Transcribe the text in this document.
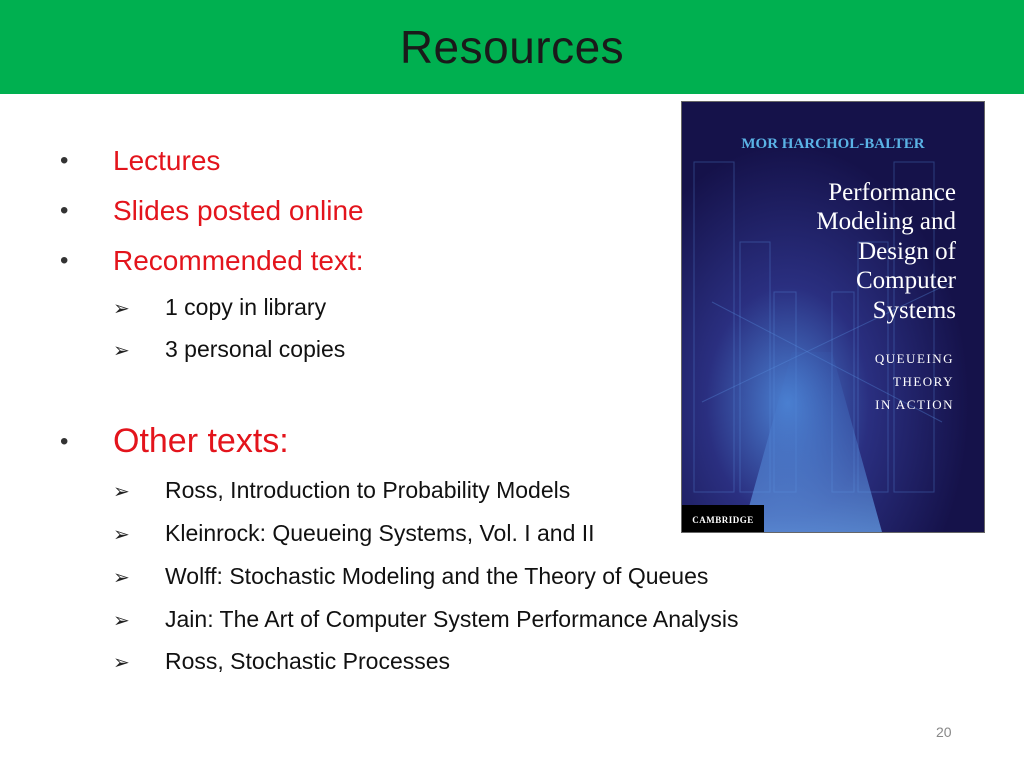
Resources
• Lectures
• Slides posted online
• Recommended text:
➢ 1 copy in library
➢ 3 personal copies
• Other texts:
➢ Ross, Introduction to Probability Models
➢ Kleinrock: Queueing Systems, Vol. I and II
➢ Wolff: Stochastic Modeling and the Theory of Queues
➢ Jain: The Art of Computer System Performance Analysis
➢ Ross, Stochastic Processes
MOR HARCHOL-BALTER
Performance
Modeling and
Design of
Computer
Systems
QUEUEING
THEORY
IN ACTION
CAMBRIDGE
20
